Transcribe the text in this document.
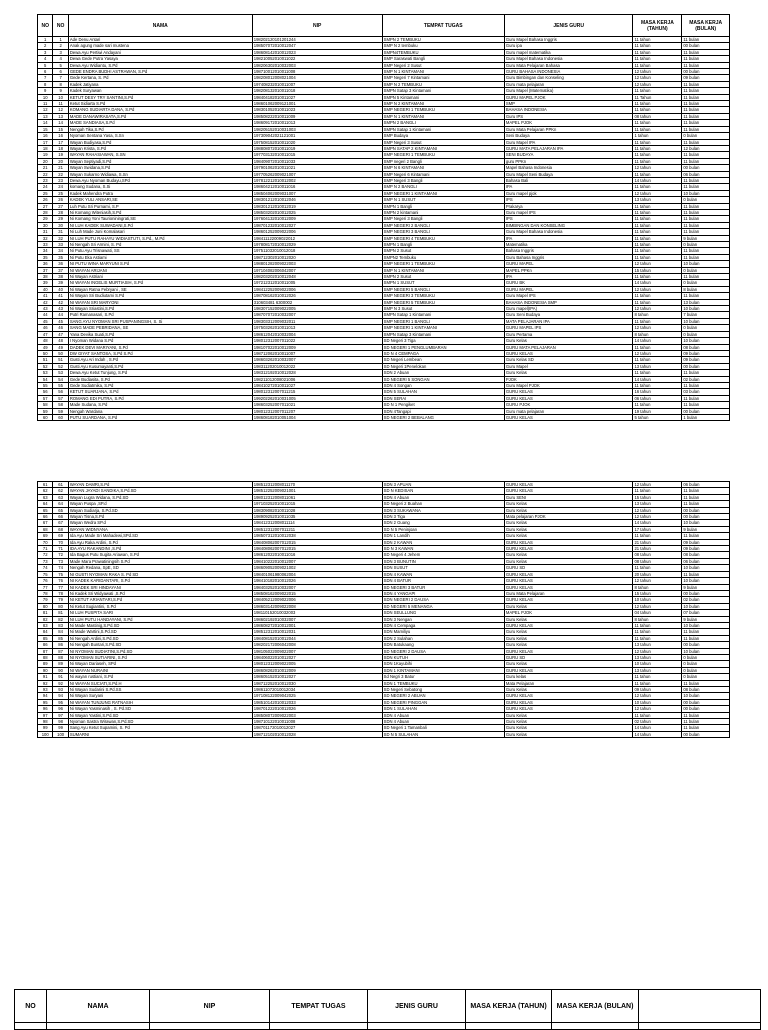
NO	NO	NAMA	NIP	TEMPAT TUGAS	JENIS GURU	MASA KERJA (TAHUN)	MASA KERJA (BULAN)
1	1	Ade Denu Antari	198202120101201244	SMPN 2 TEMBUKU	Guru Mapel Bahasa Inggris	11 tahun	11 bulan
2	2	Anak agung made sari mustena	198507072010012047	SMP N 2 tembuku	Guru ipa	11 tahun	00 bulan
3	3	Dewa Ayu Pertiwi Andayani	198608142010012023	SMPN4TEMBUKU	Guru mapel matematika	11 tahun	11 bulan
4	4	Dewa Gede Putra Yasaya	198210052010011022	SMP Saraswati Bangli	Guru Mapel Bahasa Indonesia	11 tahun	11 bulan
5	5	Dewa Ayu Widiantu, S.Pd	198206302010032003	SMP Negeri 2 Susut	Guru Mata Pelajaran Bahasa	11 tahun	11 bulan
6	6	GEDE ENDRA BUDHI ASTRAWAN, S.Pd	198710012010011008	SMP N 1 KINTAMANI	GURU BAHASA INDONESIA	12 tahun	00 bulan
7	7	Gede Kertana, S. Pd	198208012008021004	SMP Negeri 7 Kintamani	Guru Bimbingan dan Konseling	12 tahun	09 bulan
8	8	Kadek Jatiyana	197408232010011007	SMP N 2 TEMBUKU	Guru mata pelajaran	12 tahun	11 bulan
9	9	Kadek Suryawan	198208132010011018	SMPN Satap 3 Kintamani	Guru Mapel (Matematika)	11 tahun	11 bulan
10	10	KETUT DESY TRY SANTINI,S.Pd	198404182010011027	SMPN 5 Kintamani	GURU MAPEL PJOK	11 Tahun	11 bulan
11	11	Ketut Sidiarta S.Pd	198601062009121001	SMP N 2 KINTAMANI	SMP	11 tahun	11 bulan
12	12	KOMANG SUDIARTA DANA, S.Pd	198301052010011023	SMP NEGERI 1 TEMBUKU	BAHASA INDONESIA	11 tahun	11 bulan
13	13	MADE DANAWIRASATA,S.Pd	198508222010011009	SMP N 1 KINTAMANI	Guru IPS	08 tahun	11 bulan
14	14	MADE SANDIASA,S.Pd	198609172010011013	SMPN 2 BANGLI	MAPEL PJOK	11 tahun	11 bulan
15	15	Nengah Tika,S.Pd	198205152010031003	SMPN Satap 1 Kintamani	Guru Mata Pelajaran PPKn	11 tahun	11 bulan
16	16	Nyoman Sentana Yasa, S.Sn	197309042021121001	SMP Budaya	Seni Budaya	1 tahun	0 bulan
17	17	Wayan Budiyasa,S.Pd	197508152010011020	SMP Negeri 3 Susut	Guru Mapel IPA	11 tahun	11 bulan
18	18	Wayan Krista, S.Pd	198808072010011019	SMPN SATAP 2 KINTAMANI	GURU MATA PELAJARAN IPA	11 tahun	12 bulan
19	19	WAYAN RAHASIAWAN, S.SN	197703132010011015	SMP NEGERI 1 TEMBUKU	SENI BUDAYA	11 tahun	11 bulan
20	20	Wayan Septiyadi,S.Pd	198409072010011033	SMP negeri 2 Bangli	guru PPKn	11 tahun	11 bulan
21	21	Wayan Swidana,S.Pd	197901062010011021	SMP N 6 KINTAMANI	Mapel Bahasa Indonesia	12 tahun	00 bulan
22	22	Wayan Sukarno Widiawa, S.Sn	197705262009021007	SMP Negeri 6 Kintamani	Guru Mapel Seni Budaya	11 tahun	06 bulan
23	23	Dewa Ayu Nyoman Budayu,SPd	197812212010012002	SMP Negeri 3 Bangli	Bahasa Bali	14 tahun	11 bulan
24	24	komang Sudana, S.Si	198604212010011016	SMP N 2 BANGLI	IPA	11 tahun	11 bulan
25	25	Kadek Mahendra Putra	198504062009031007	SMP NEGERI 1 KINTAMANI	Guru mapel pjok	12 tahun	10 bulan
26	26	KADEK YULI ANSARI,SE	198301212010012046	SMP N 1 SUSUT	IPS	13 tahun	0 bulan
27	27	Luh Putu Sri Purnami, S.P	198301212010012019	SMPN 1 Bangli	Prakarya	11 tahun	11 bulan
28	28	Ni Komang Witeniasih,S.Pd	198503202010012025	SMPN 2 kintamani	Guru mapel IPS	11 tahun	11 bulan
29	29	Ni Komang Yoni Taurioniningrati,SE	197604132010012009	SMP Negeri 3 Bangli	IPS	11 tahun	11 bulan
30	30	NI LUH KADEK SUWADANI,S.Pd	198701232010012027	SMP NEGERI 2 BANGLI	BIMBINGAN DAN KONSELING	11 tahun	11 bulan
31	31	Ni Luh Made Juni Komalasari	198601252009022006	SMP NEGERI 3 BANGLI	Guru Mapel Bahasa Indonesia	11 tahun	11 bulan
32	32	NI LUH PUTU RAHAYU WIDIASTUTI, S.Pd., M.Pd	198411122009022012	SMP NEGERI 4 TEMBUKU	IPA	11 tahun	9 bulan
33	33	Ni Nengah Sri Armini, S. Pd	197808172010012029	SMPN 1 Bangli	Matematika	11 tahun	0 bulan
34	34	Ni Putu Ayu Trisnawati, SS	197511032010012018	SMPN 2 Susut	Bahasa Inggris	11 tahun	11 bulan
35	35	Ni Putu Eka Astiami	198712302010012020	SMPN2 Tembuku	Guru Bahasa Inggris	11 tahun	11 bulan
36	36	NI PUTU WINA MARYUNI S.Pd	198801282009022003	SMP NEGERI 1 TEMBUKU	GURU MAPEL	12 tahun	10 bulan
37	37	NI WAYAN ARIJANI	197104082006042007	SMP N 1 KINTAMANI	MAPEL PPKn	15 tahun	0 bulan
38	38	Ni Wayan Astriani	198203202010012048	SMPN 2 Susut	IPA	11 tahun	11 bulan
39	39	NI WAYAN INGELIS MURTIASIH, S.Pd	197212312010011005	SMPN 1 SUSUT	GURU BK	14 tahun	0 bulan
40	40	Ni Wayan Ratna Febryani , SE	198412252009022006	SMP NEGERI 5 BANGLI	GURU MAPEL	12 tahun	8 bulan
41	41	Ni Wayan Sri Budiutami S.Pd	198708162010012026	SMP NEGERI 3 TEMBUKU	Guru Mapel IPS	11 tahun	11 bulan
42	42	NI WAYAN SRI MARYONI	310603481 6300002	SMP NEGERI 5 TEMBUKU	BAHASA INDONESIA SMP	11 tahun	13 bulan
43	43	Ni Wayan Sriastini,S.Pd	198307152009022005	SMP N 3 Susut	Guru mapel(IPA)	12 tahun	10 bulan
44	44	Putri Ramanasari, S.Pd	198707072010032007	SMPN Satap 1 Kintamani	Guru Seni Budaya	8 tahun	7 bulan
45	45	SANG AYU NYOMAN SRI PUSPANINGSIH, S. Si	198303312009032011	SMP NEGERI 1 BANGLI	MATA PELAJARAN IPA	11 tahun	10 bulan
46	46	SANG MADE PEBRIDANA, SE	197503262010011013	SMP NEGERI 1 KINTAMANI	GURU MAPEL IPS	12 tahun	0 bulan
47	47	Yana Devika Suati,S.Pd	198612042010032004	SMPN Satap 3 Kintamani	Guru Pertama	8 tahun	0 bulan
48	48	I Nyoman Widana S.Pd	198012312007011022	SD Negeri 3 Tiga	Guru Kelas	14 tahun	10 bulan
49	49	DADEK DEVI MARIYANI, S.Pd	198107022010012009	SD NEGERI 1 PENGLUMBARAN	GURU MATA PELAJARAN	11 tahun	08 bulan
50	50	DW GIYAT SANTOSA, S.Pd S.Pd	198712062010011007	SD N 4 CEMPAGA	GURU KELAS	12 tahun	09 bulan
51	51	Gusti Ayu Ari Indah , S.Pd	198603262010032007	SD Negeri Lembean	Guru Kelas SD	11 tahun	09 bulan
52	52	Gusti Ayu Kusumayanti,S.Pd	198311202010012022	SD Negeri 1Penelokan	Guru Mapel	13 tahun	00 bulan
53	53	Dewa Ayu Ketut Tunjung, S.Pd	198312192010012028	SDN 2 Abuan	Guru Kelas	11 tahun	11 bulan
54	54	Gede Budiasita, S.Pd	198211012008021006	SD NEGERI 5 SONGAN	PJOK	14 tahun	02 bulan
55	55	Gede Sudiatmika, S.Pd	198410272010011027	SDN 4 Songan	Guru Mapel PJOK	11 tahun	11 bulan
56	56	KETUT SUARJANA, S.Pd	198012312007011215	SDN 5 SULAHAN	GURU KELAS	16 tahun	03 bulan
57	57	ROMANG EDI PUTRA, S.Pd	199202262010031005	SDN SERAI	GURU KELAS	06 tahun	11 bulan
58	58	Made Sudana, S.Pd	198603252007011021	SD N 1 Pengiket	GURU PJOK	11 tahun	11 bulan
59	59	Nengah Wardana	198012312007011207	SDN 4Tangapi	Guru mata pelajaran	19 tahun	00 bulan
60	60	PUTU SUARDANA, S.Pd	198608182010051004	SD NEGERI 2 BEBALANG	GURU KELAS	5 tahun	1 bulan
61	61	WAYAN DAMRI,S.Pd	198512312008011170	SDN 3 APUAN	GURU KELAS	12 tahun	06 bulan
62	62	WAYAN JAYADI SANDIKA,S.Pd.SD	198512252009021001	SD N KEDISAN	GURU KELAS	11 tahun	11 bulan
63	63	Wayan Lugra Widana, S.Pd.SD	198012312008011061	SDN 4 Abuan	Guru SENI	15 tahun	11 bulan
64	64	Wayan Puspa ,SP.d	197103252010011015	SD Negeri 2 Buahan	Guru Kelas	13 tahun	11 bulan
65	65	Wayan Sudiarja, S.Pd.SD	198309082010011028	SDN 3 SUKAWANA	Guru Kelas	12 tahun	00 bulan
66	66	Wayan Tisna,S.Pd	198909252010011035	SDN 3 Tiga	Mata pelajaran PJOK	12 tahun	00 bulan
67	67	Wayan Wedra SP.d	198412312008011114	SDN 2 Guang	Guru Kelas	14 tahun	10 bulan
68	68	WAYAN WIDNYANA	198512312007011211	SD N 5 Peninjoan	Guru Kelas	17 tahun	9 bulan
69	69	Ida Ayu Made Sri Mahadewi,SPd.SD	198507312010012038	SDN 1 Landih	Guru Kelas	11 tahun	11 bulan
70	70	Ida Ayu Raka Ardini, S.Pd	198408062007012015	SDN 2 KAWAN	GURU KELAS	21 tahun	09 bulan
71	71	IDA AYU RAKANDINI ,S.Pd	198408062007012015	SD N 3 KAWAN	GURU KELAS	21 tahun	09 bulan
72	72	Ida Bagus Putu Sugita Ariawan, S.Pd	198612022010011016	SD Negeri 4 Jehem	Guru Kelas	08 tahun	08 bulan
73	73	Made Mara Prawatiningsih S.Pd	198410222010012007	SDN 3 BUNUTIN	Guru Kelas	08 tahun	06 bulan
74	74	Nengah Redana, SpE, SD	198609052009021002	SDN SUSUT	GURU SD	11 tahun	10 bulan
75	75	NI GUSTI NYOMAN RAKA S. Pd SD	198401061980062004	SDN 4 KAWAN	GURU KELAS	20 tahun	11 bulan
76	76	NI KADEK KARIDANTARI, S.Pd	198410182010012026	SDN 4 BATUR	GURU KELAS	12 tahun	10 bulan
77	77	NI KADEK SRI HINDAYANI	198403252010032007	SD NEGERI 3 BATUR	GURU KELAS	8 tahun	9 bulan
78	78	Ni Kadek Sri Widyawati ,S.Pd	198508162009022015	SDN 4 YANGAPI	Guru Mata Pelajaran	15 tahun	00 bulan
79	79	NI KETUT ARIANTARI,S.Pd	198405212009022006	SDN NEGERI 2 DAUSA	GURU KELAS	10 tahun	02 bulan
80	80	Ni Ketut Sugiantini, S.Pd	198603142009022008	SD NEGERI 5 MENANGA	Guru Kelas	12 tahun	10 bulan
81	81	NI LUH PUSPITA SARI	198110152010032003	SDN SEULLUNG	MAPEL PJOK	04 tahun	07 bulan
82	82	NI LUH PUTU HANDAYANI, S.Pd	198602192010032007	SDN 3 Nengan	Guru Kelas	8 tahun	9 bulan
83	83	Ni Made Mastinig,S.Pd.SD	198608272010012001	SDN 4 Cempaga	GURU KELAS	11 tahun	10 bulan
84	84	Ni Made Wartini,S.Pd.SD	198512312010012031	SDN Mamiliyu	Guru Kelas	11 tahun	11 bulan
85	85	Ni Nengah Ardini,S.Pd.SD	198408152010012044	SDN 2 Sulahan	Guru Kelas	11 tahun	11 bulan
86	86	Ni Nengah Buntari,S.Pd.SD	198202172006042008	SDN Batukaang	Guru Kelas	13 tahun	00 bulan
87	87	NI NYOMAN SUDIATINI,S.Pd.SD	198105022009022007	SD NEGERI 2 DAUSA	GURU KELAS	12 tahun	10 bulan
88	88	NI NYOMAN SUTIARINI, S.Pd	198406022010012027	SDN KUTUH	GURU SD	13 tahun	0 bulan
89	89	Ni Wayan Dariaseh, SPd	198012312009022005	SDN 1Kayubihi	Guru Kelas	10 tahun	0 bulan
90	90	NI WAYAN NURAINI	198608262010012009	SDN 1 KINTAMANI	GURU KELAS	13 tahun	0 bulan
91	91	Ni wayan rustiani, S.Pd	198605152010012027	Sd Negri 3 Batur	Guru kelas	11 tahun	0 bulan
92	92	NI WAYAN SUCIATI,S.Pd.H	198712252010012030	SDN 1 TEMBUKU	Mata Pelajaran	11 tahun	11 bulan
93	93	Ni Wayan Sudarini S.Pd.SS	198611072010012034	SD Negeri Sebatong	Guru Kelas	09 tahun	08 bulan
94	94	Ni Wayan Suryani	197108122009042025	SD NEGERI 2 ABUAN	GURU KELAS	12 tahun	10 bulan
95	95	NI WAYAN TUNJUNG RATNASIH	198510142010012033	SD NEGERI PINGGAN	GURU KELAS	10 tahun	00 bulan
96	96	Ni Wayan Yasminasih , S. Pd.SD	198701222010012026	SDN 1 SULAHAN	GURU KELAS	12 tahun	00 bulan
97	97	Ni Wayan Yastini,S.Pd.SD	198508072009022003	SDN 4 Abuan	Guru Kelas	11 tahun	11 bulan
98	98	Nyoman Sastra Wirawan,S.Pd.SD	198710122010011008	SDN 4 Abuan	Guru Kelas	02 tahun	11 bulan
99	99	Sang Ayu Ketut Supamini, S. Pd	198701172010012027	SD Negeri 1 Tamanbali	Guru Kelas	14 tahun	11 bulan
100	100	SUMARNI	198712102010012028	SD N 5 SULAHAN	Guru Kelas	14 tahun	00 bulan
NO	NAMA	NIP	TEMPAT TUGAS	JENIS GURU	MASA KERJA (TAHUN)	MASA KERJA (BULAN)	
